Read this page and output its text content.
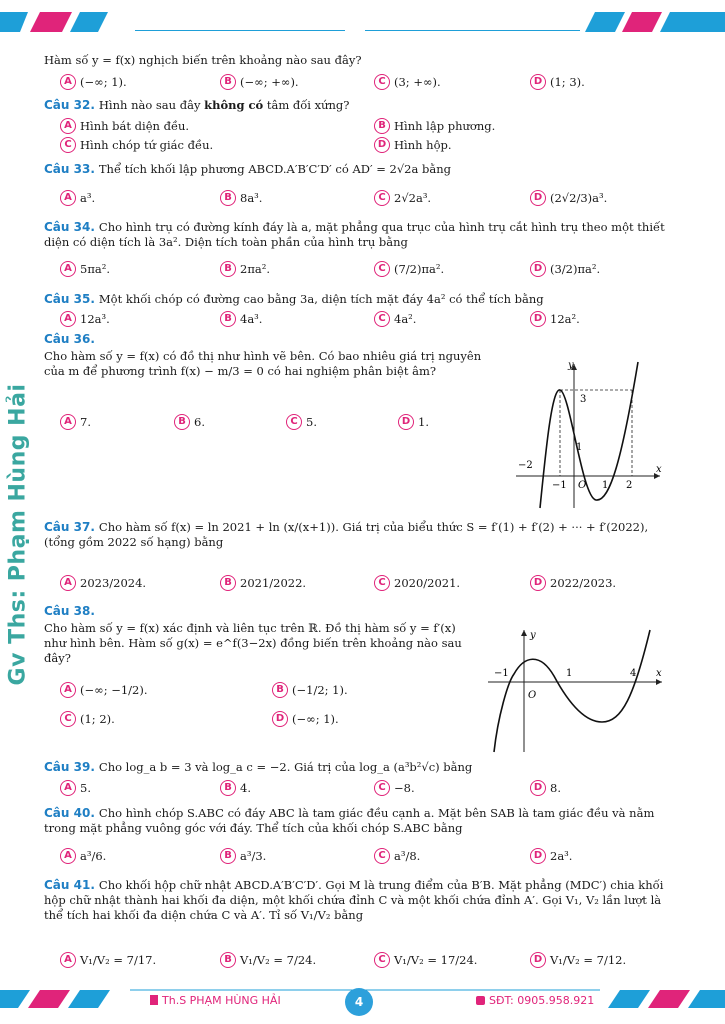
Gv Ths: Phạm Hùng Hải
Hàm số y = f(x) nghịch biến trên khoảng nào sau đây?
A (−∞; 1).	B (−∞; +∞).	C (3; +∞).	D (1; 3).
Câu 32. Hình nào sau đây không có tâm đối xứng?
A Hình bát diện đều.	B Hình lập phương.
C Hình chóp tứ giác đều.	D Hình hộp.
Câu 33. Thể tích khối lập phương ABCD.A′B′C′D′ có AD′ = 2√2a bằng
A a³.	B 8a³.	C 2√2a³.	D (2√2/3)a³.
Câu 34. Cho hình trụ có đường kính đáy là a, mặt phẳng qua trục của hình trụ cắt hình trụ theo một thiết diện có diện tích là 3a². Diện tích toàn phần của hình trụ bằng
A 5πa².	B 2πa².	C (7/2)πa².	D (3/2)πa².
Câu 35. Một khối chóp có đường cao bằng 3a, diện tích mặt đáy 4a² có thể tích bằng
A 12a³.	B 4a³.	C 4a².	D 12a².
Câu 36.
Cho hàm số y = f(x) có đồ thị như hình vẽ bên. Có bao nhiêu giá trị nguyên của m để phương trình f(x) − m/3 = 0 có hai nghiệm phân biệt âm?
A 7.	B 6.	C 5.	D 1.
y
x
O
3
1
−2
−1	1 2
Câu 37. Cho hàm số f(x) = ln 2021 + ln (x/(x+1)). Giá trị của biểu thức S = f′(1) + f′(2) + ··· + f′(2022), (tổng gồm 2022 số hạng) bằng
A 2023/2024.	B 2021/2022.	C 2020/2021.	D 2022/2023.
Câu 38.
Cho hàm số y = f(x) xác định và liên tục trên ℝ. Đồ thị hàm số y = f′(x) như hình bên. Hàm số g(x) = e^f(3−2x) đồng biến trên khoảng nào sau đây?
A (−∞; −1/2).	B (−1/2; 1).
C (1; 2).	D (−∞; 1).
y
x
O
−1	1	4
Câu 39. Cho log_a b = 3 và log_a c = −2. Giá trị của log_a (a³b²√c) bằng
A 5.	B 4.	C −8.	D 8.
Câu 40. Cho hình chóp S.ABC có đáy ABC là tam giác đều cạnh a. Mặt bên SAB là tam giác đều và nằm trong mặt phẳng vuông góc với đáy. Thể tích của khối chóp S.ABC bằng
A a³/6.	B a³/3.	C a³/8.	D 2a³.
Câu 41. Cho khối hộp chữ nhật ABCD.A′B′C′D′. Gọi M là trung điểm của B′B. Mặt phẳng (MDC′) chia khối hộp chữ nhật thành hai khối đa diện, một khối chứa đỉnh C và một khối chứa đỉnh A′. Gọi V₁, V₂ lần lượt là thể tích hai khối đa diện chứa C và A′. Tỉ số V₁/V₂ bằng
A V₁/V₂ = 7/17.	B V₁/V₂ = 7/24.	C V₁/V₂ = 17/24.	D V₁/V₂ = 7/12.
Th.S PHẠM HÙNG HẢI	4	SĐT: 0905.958.921
